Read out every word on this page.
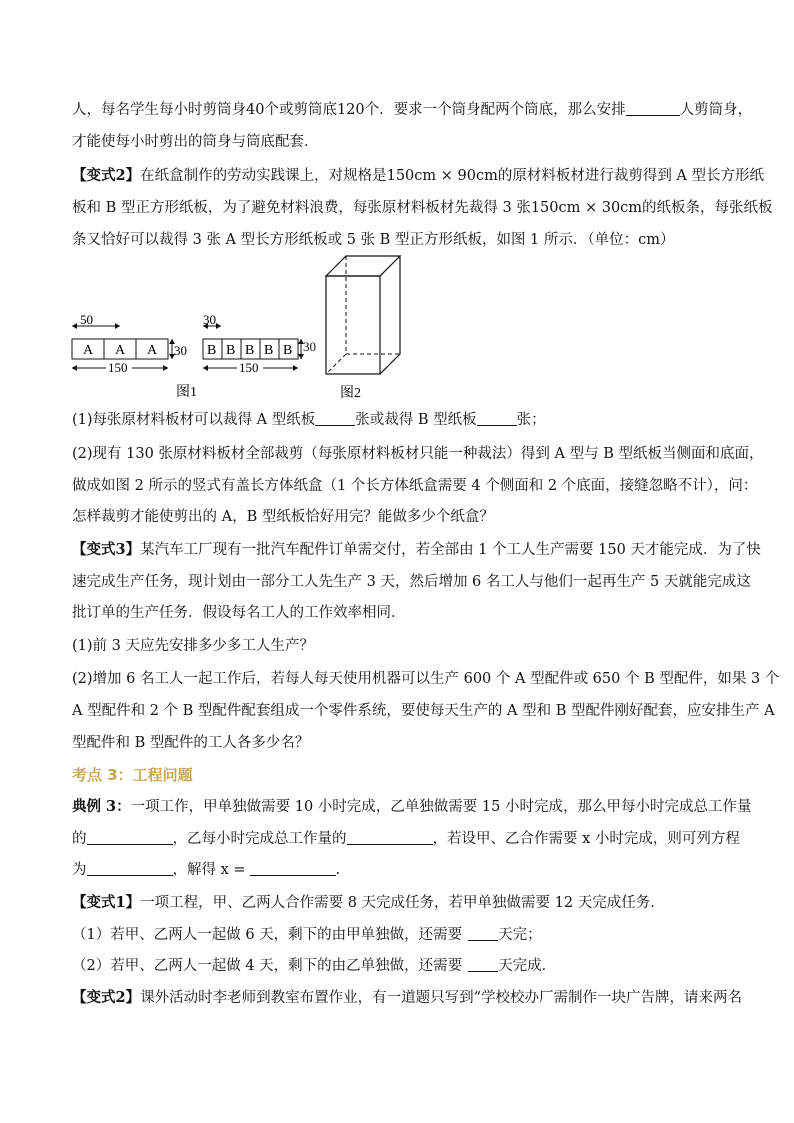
人，每名学生每小时剪筒身40个或剪筒底120个．要求一个筒身配两个筒底，那么安排	人剪筒身，
才能使每小时剪出的筒身与筒底配套．
【变式2】在纸盒制作的劳动实践课上，对规格是150cm × 90cm的原材料板材进行裁剪得到 A 型长方形纸
板和 B 型正方形纸板，为了避免材料浪费，每张原材料板材先裁得 3 张150cm × 30cm的纸板条，每张纸板
条又恰好可以裁得 3 张 A 型长方形纸板或 5 张 B 型正方形纸板，如图 1 所示．（单位：cm）
50
A A A 30
150
30
B B B B B
150
图1
30
图2
(1)每张原材料板材可以裁得 A 型纸板	张或裁得 B 型纸板	张；
(2)现有 130 张原材料板材全部裁剪（每张原材料板材只能一种裁法）得到 A 型与 B 型纸板当侧面和底面，
做成如图 2 所示的竖式有盖长方体纸盒（1 个长方体纸盒需要 4 个侧面和 2 个底面，接缝忽略不计），问：
怎样裁剪才能使剪出的 A，B 型纸板恰好用完？能做多少个纸盒？
【变式3】某汽车工厂现有一批汽车配件订单需交付，若全部由 1 个工人生产需要 150 天才能完成．为了快
速完成生产任务，现计划由一部分工人先生产 3 天，然后增加 6 名工人与他们一起再生产 5 天就能完成这
批订单的生产任务．假设每名工人的工作效率相同．
(1)前 3 天应先安排多少多工人生产？
(2)增加 6 名工人一起工作后，若每人每天使用机器可以生产 600 个 A 型配件或 650 个 B 型配件，如果 3 个
A 型配件和 2 个 B 型配件配套组成一个零件系统，要使每天生产的 A 型和 B 型配件刚好配套，应安排生产 A
型配件和 B 型配件的工人各多少名？
考点 3：工程问题
典例 3：一项工作，甲单独做需要 10 小时完成，乙单独做需要 15 小时完成，那么甲每小时完成总工作量
的	，乙每小时完成总工作量的	，若设甲、乙合作需要 x 小时完成，则可列方程
为	，解得 x =	.
【变式1】一项工程，甲、乙两人合作需要 8 天完成任务，若甲单独做需要 12 天完成任务．
（1）若甲、乙两人一起做 6 天，剩下的由甲单独做，还需要 天完；
（2）若甲、乙两人一起做 4 天，剩下的由乙单独做，还需要 天完成．
【变式2】课外活动时李老师到教室布置作业，有一道题只写到“学校校办厂需制作一块广告牌，请来两名
